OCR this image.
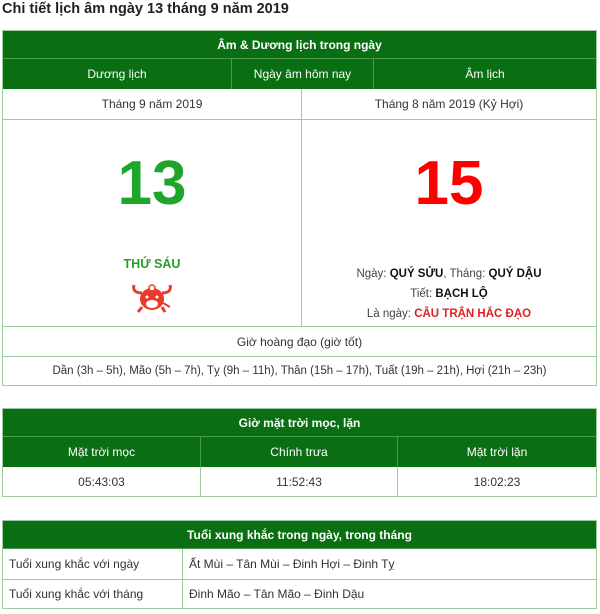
Chi tiết lịch âm ngày 13 tháng 9 năm 2019
Âm & Dương lịch trong ngày
Dương lịch	Ngày âm hôm nay	Âm lịch
Tháng 9 năm 2019	Tháng 8 năm 2019 (Kỷ Hợi)
13
THỨ SÁU
15
Ngày: QUÝ SỬU, Tháng: QUÝ DẬU
Tiết: BẠCH LỘ
Là ngày: CÂU TRẬN HẮC ĐẠO
Giờ hoàng đạo (giờ tốt)
Dần (3h – 5h), Mão (5h – 7h), Tỵ (9h – 11h), Thân (15h – 17h), Tuất (19h – 21h), Hợi (21h – 23h)
Giờ mặt trời mọc, lặn
Mặt trời mọc	Chính trưa	Mặt trời lặn
05:43:03	11:52:43	18:02:23
Tuổi xung khắc trong ngày, trong tháng
Tuổi xung khắc với ngày	Ất Mùi – Tân Mùi – Đinh Hợi – Đinh Tỵ
Tuổi xung khắc với tháng	Đinh Mão – Tân Mão – Đinh Dậu
